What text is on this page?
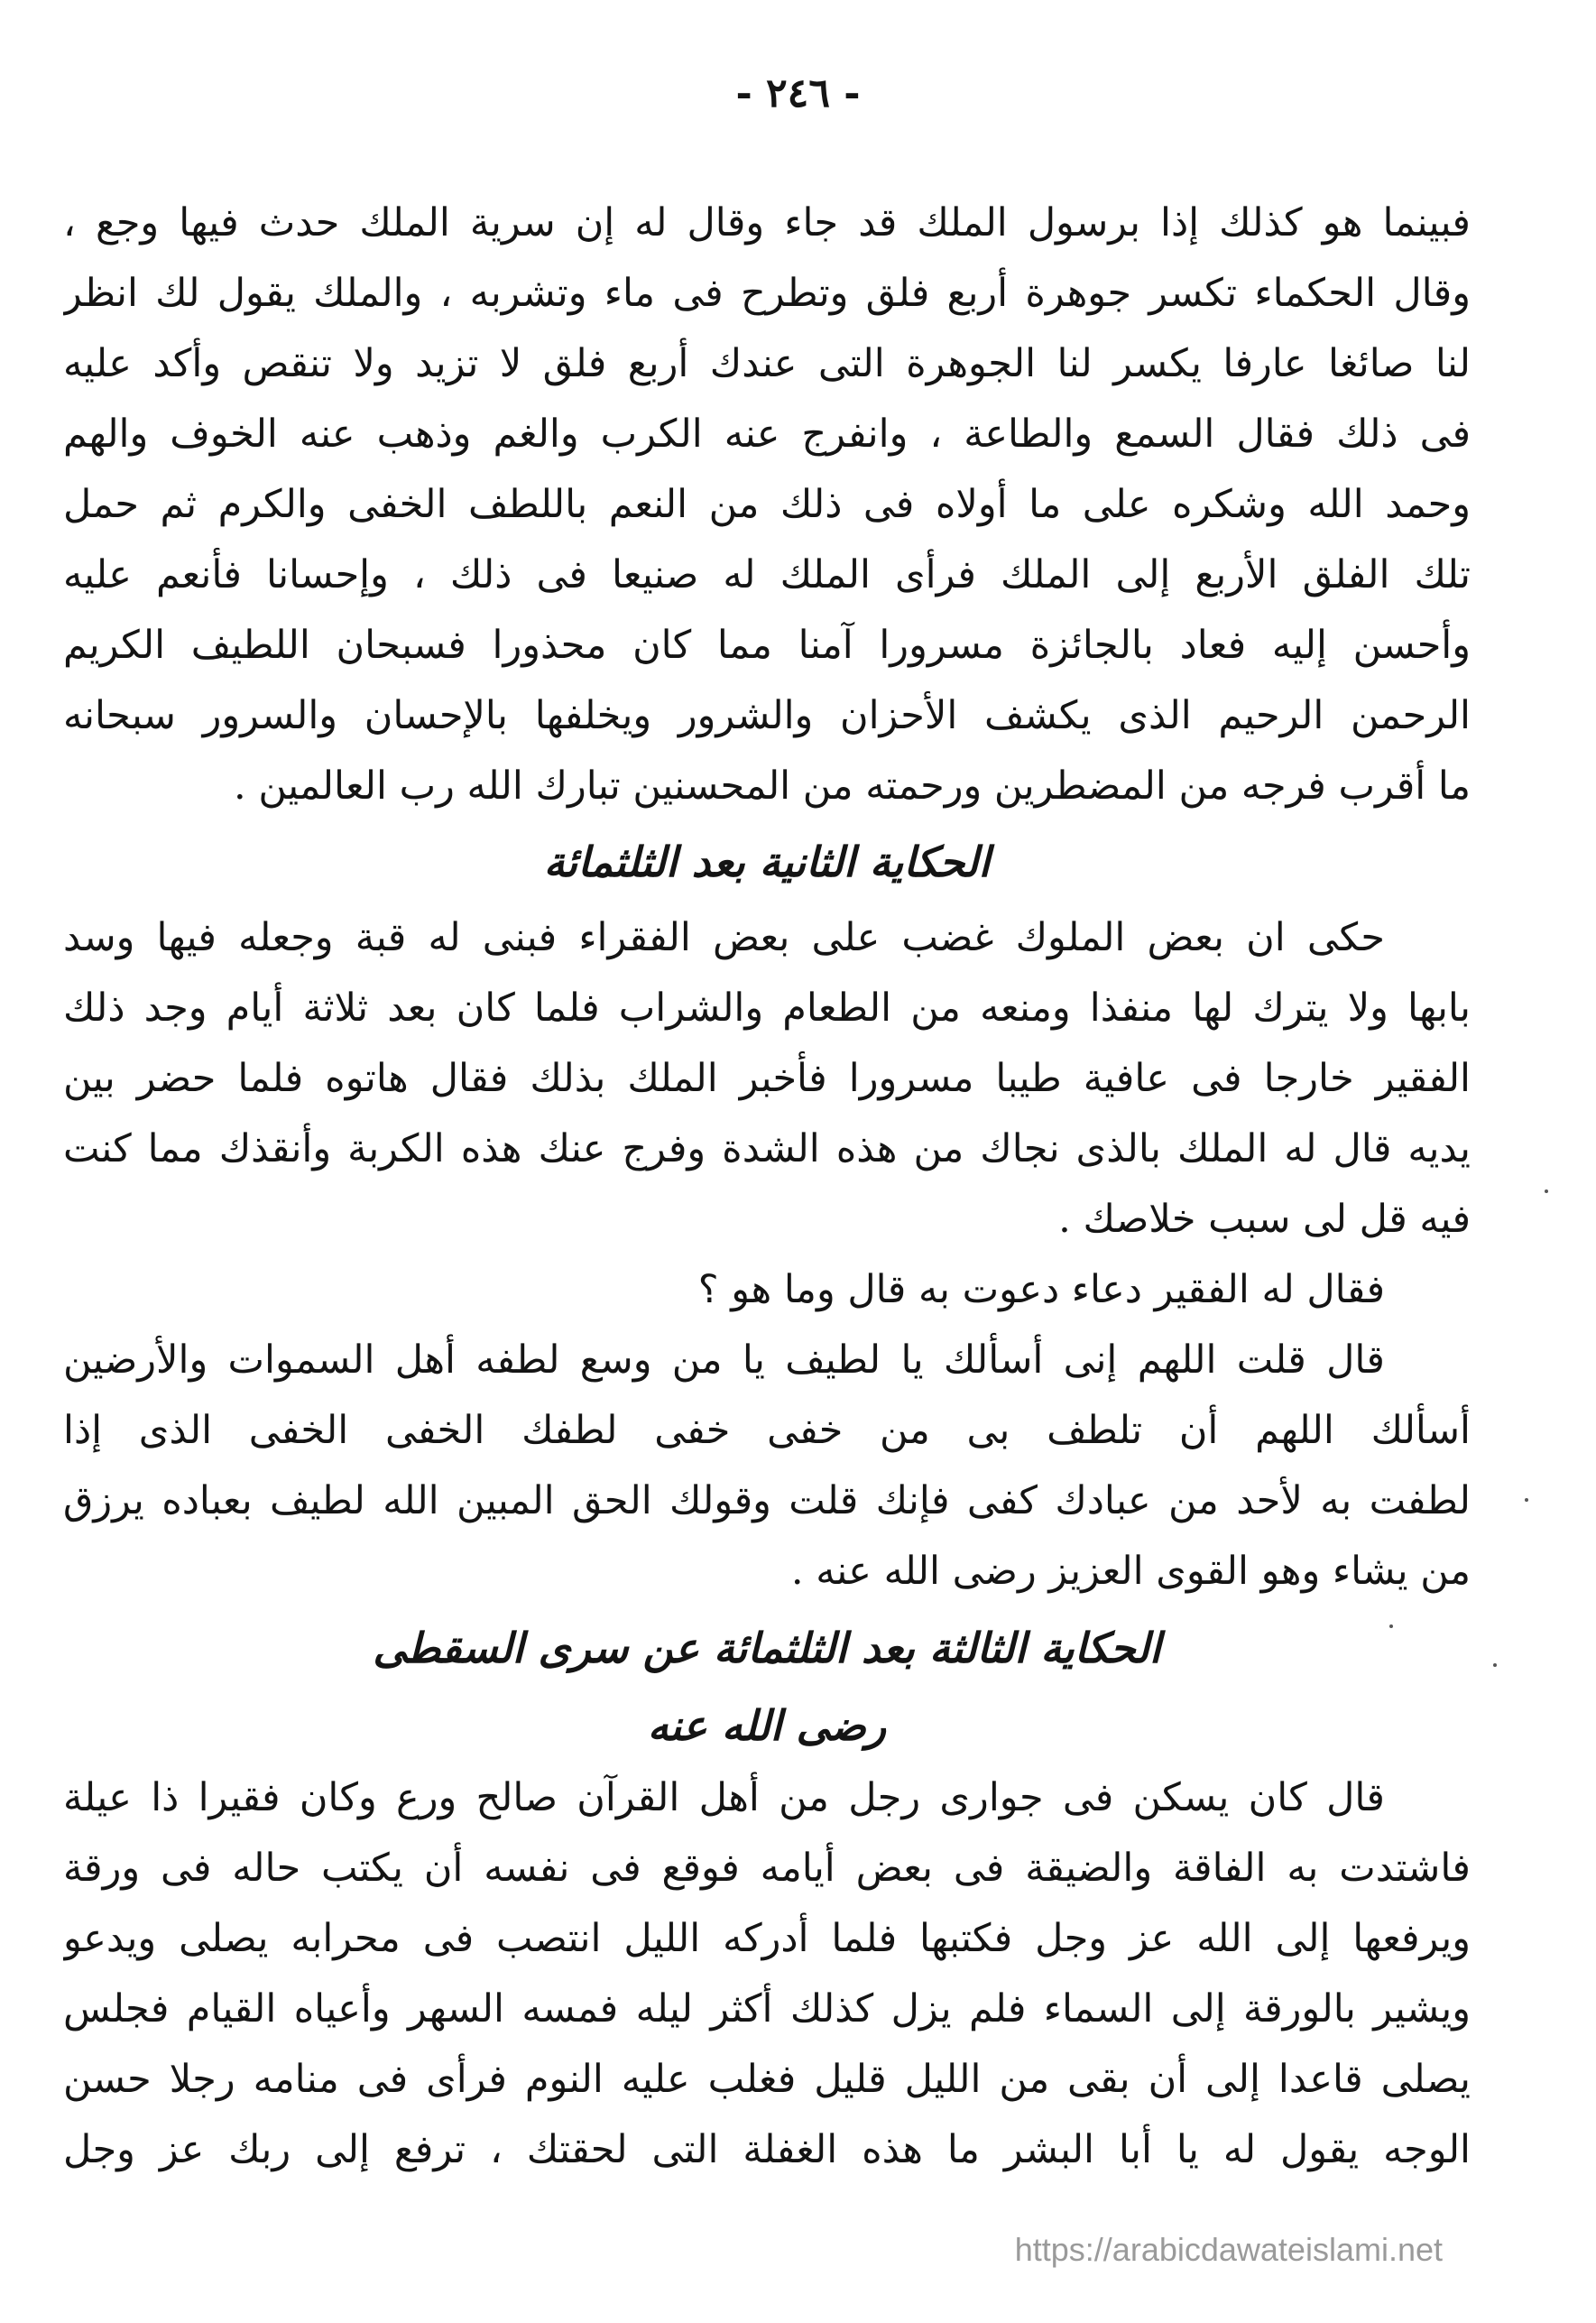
- ٢٤٦ -
فبينما هو كذلك إذا برسول الملك قد جاء وقال له إن سرية الملك حدث فيها وجع ،
وقال الحكماء تكسر جوهرة أربع فلق وتطرح فى ماء وتشربه ، والملك يقول لك انظر
لنا صائغا عارفا يكسر لنا الجوهرة التى عندك أربع فلق لا تزيد ولا تنقص وأكد عليه
فى ذلك فقال السمع والطاعة ، وانفرج عنه الكرب والغم وذهب عنه الخوف والهم
وحمد الله وشكره على ما أولاه فى ذلك من النعم باللطف الخفى والكرم ثم حمل
تلك الفلق الأربع إلى الملك فرأى الملك له صنيعا فى ذلك ، وإحسانا فأنعم عليه
وأحسن إليه فعاد بالجائزة مسرورا آمنا مما كان محذورا فسبحان اللطيف الكريم
الرحمن الرحيم الذى يكشف الأحزان والشرور ويخلفها بالإحسان والسرور سبحانه
ما أقرب فرجه من المضطرين ورحمته من المحسنين تبارك الله رب العالمين .
الحكاية الثانية بعد الثلثمائة
حكى ان بعض الملوك غضب على بعض الفقراء فبنى له قبة وجعله فيها وسد
بابها ولا يترك لها منفذا ومنعه من الطعام والشراب فلما كان بعد ثلاثة أيام وجد ذلك
الفقير خارجا فى عافية طيبا مسرورا فأخبر الملك بذلك فقال هاتوه فلما حضر بين
يديه قال له الملك بالذى نجاك من هذه الشدة وفرج عنك هذه الكربة وأنقذك مما كنت
فيه قل لى سبب خلاصك .
فقال له الفقير دعاء دعوت به قال وما هو ؟
قال قلت اللهم إنى أسألك يا لطيف يا من وسع لطفه أهل السموات والأرضين
أسألك اللهم أن تلطف بى من خفى خفى لطفك الخفى الخفى الذى إذا
لطفت به لأحد من عبادك كفى فإنك قلت وقولك الحق المبين الله لطيف بعباده يرزق
من يشاء وهو القوى العزيز رضى الله عنه .
الحكاية الثالثة بعد الثلثمائة عن سرى السقطى
رضى الله عنه
قال كان يسكن فى جوارى رجل من أهل القرآن صالح ورع وكان فقيرا ذا عيلة
فاشتدت به الفاقة والضيقة فى بعض أيامه فوقع فى نفسه أن يكتب حاله فى ورقة
ويرفعها إلى الله عز وجل فكتبها فلما أدركه الليل انتصب فى محرابه يصلى ويدعو
ويشير بالورقة إلى السماء فلم يزل كذلك أكثر ليله فمسه السهر وأعياه القيام فجلس
يصلى قاعدا إلى أن بقى من الليل قليل فغلب عليه النوم فرأى فى منامه رجلا حسن
الوجه يقول له يا أبا البشر ما هذه الغفلة التى لحقتك ، ترفع إلى ربك عز وجل
https://arabicdawateislami.net
